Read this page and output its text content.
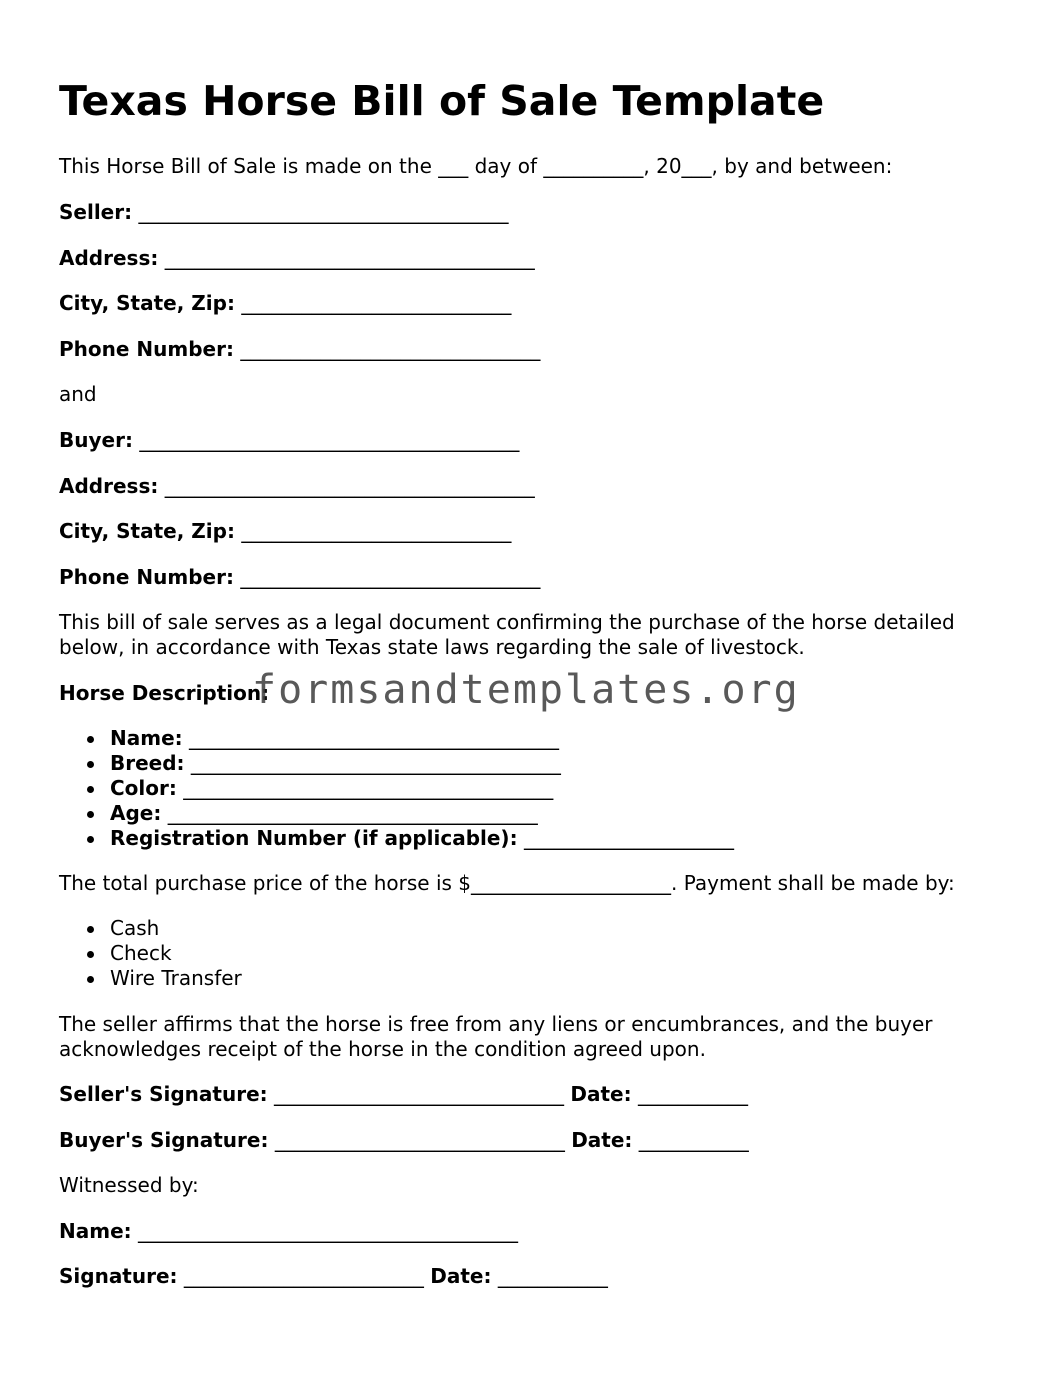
Texas Horse Bill of Sale Template
This Horse Bill of Sale is made on the ___ day of __________, 20___, by and between:
Seller: _____________________________________
Address: _____________________________________
City, State, Zip: ___________________________
Phone Number: ______________________________
and
Buyer: ______________________________________
Address: _____________________________________
City, State, Zip: ___________________________
Phone Number: ______________________________
This bill of sale serves as a legal document confirming the purchase of the horse detailed below, in accordance with Texas state laws regarding the sale of livestock.
Horse Description:
Name: _____________________________________
Breed: _____________________________________
Color: _____________________________________
Age: _____________________________________
Registration Number (if applicable): _____________________
The total purchase price of the horse is $____________________. Payment shall be made by:
Cash
Check
Wire Transfer
The seller affirms that the horse is free from any liens or encumbrances, and the buyer acknowledges receipt of the horse in the condition agreed upon.
Seller's Signature: _____________________________ Date: ___________
Buyer's Signature: _____________________________ Date: ___________
Witnessed by:
Name: ______________________________________
Signature: ________________________ Date: ___________
formsandtemplates.org
